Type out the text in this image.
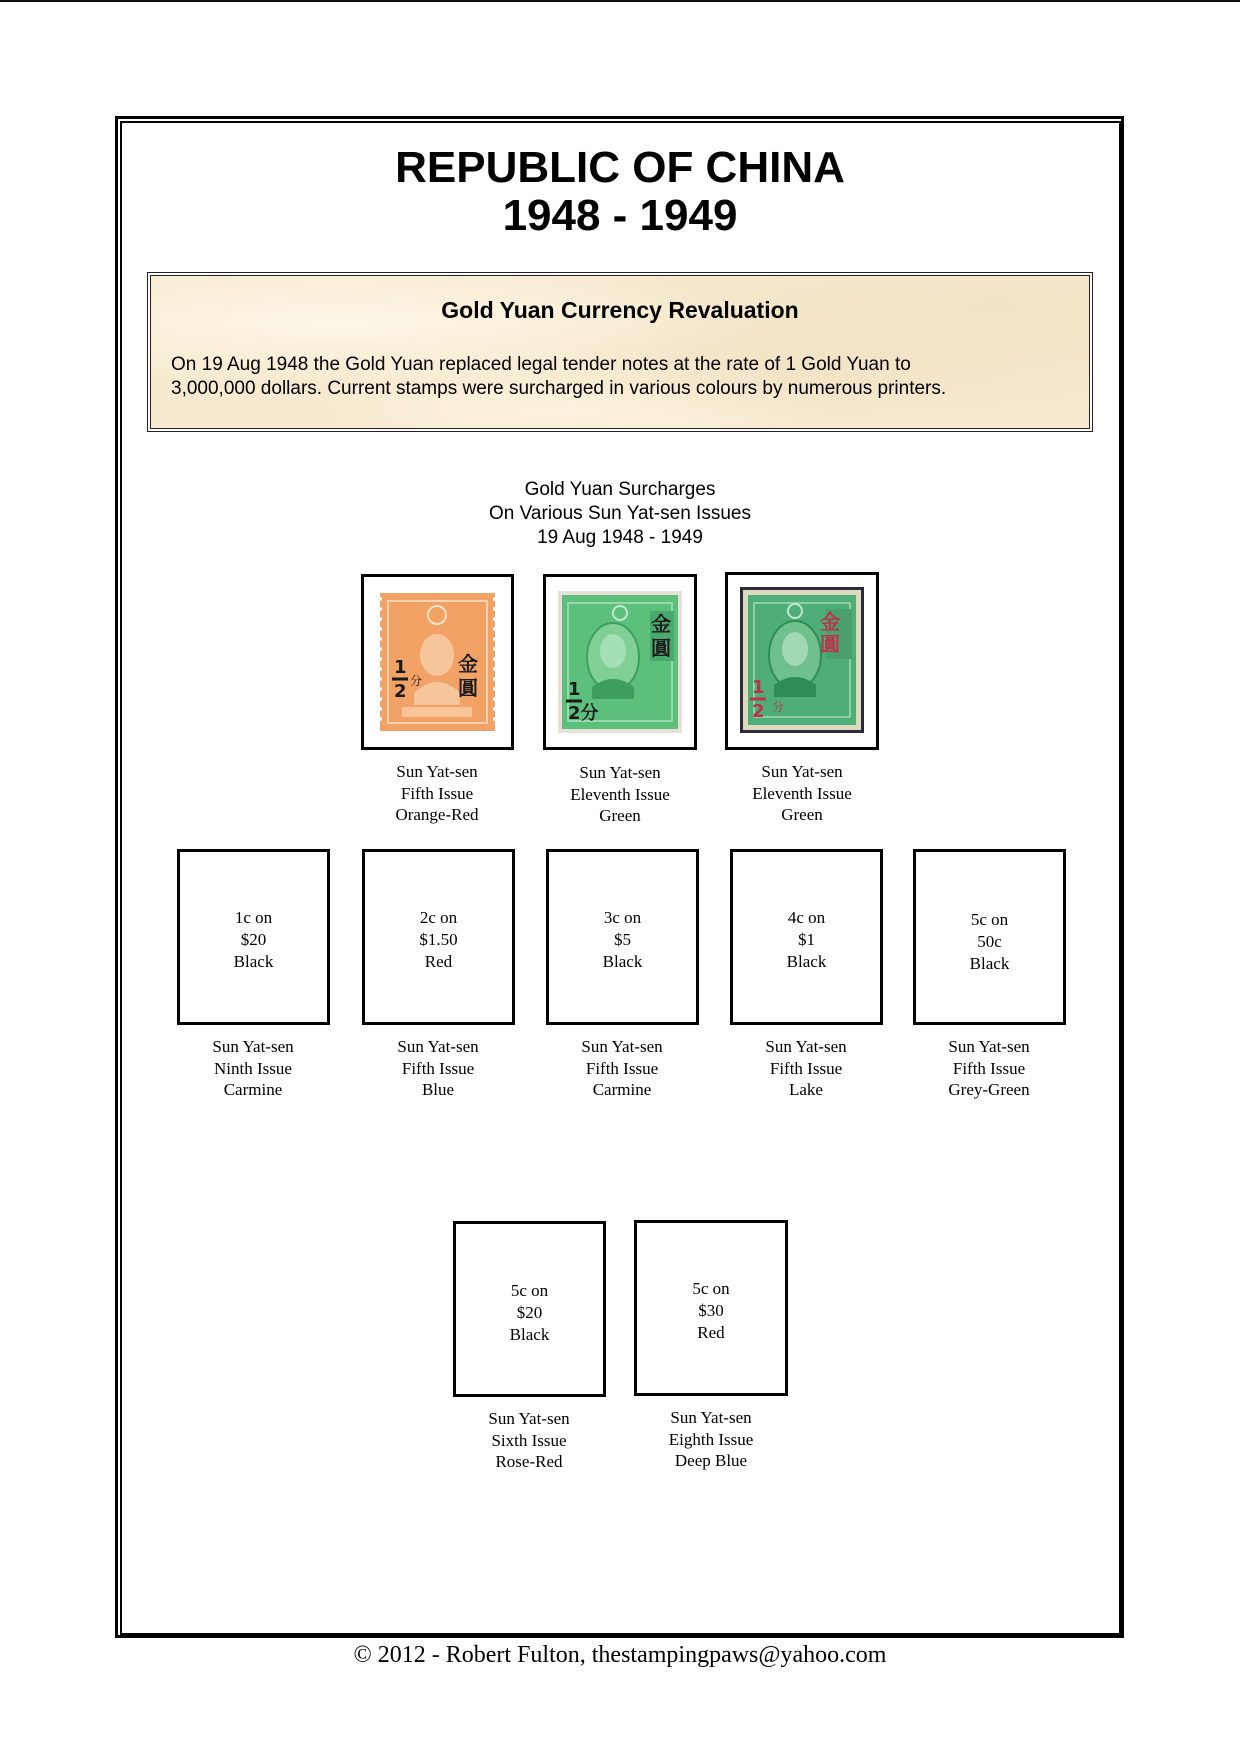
REPUBLIC OF CHINA
1948 - 1949
Gold Yuan Currency Revaluation
On 19 Aug 1948 the Gold Yuan replaced legal tender notes at the rate of 1 Gold Yuan to
3,000,000 dollars. Current stamps were surcharged in various colours by numerous printers.
Gold Yuan Surcharges
On Various Sun Yat-sen Issues
19 Aug 1948 - 1949
1
2 分
金
圓
Sun Yat-sen
Fifth Issue
Orange-Red
金
圓
1
2分
Sun Yat-sen
Eleventh Issue
Green
金
圓
1
2 分
Sun Yat-sen
Eleventh Issue
Green
1c on
$20
Black
Sun Yat-sen
Ninth Issue
Carmine
2c on
$1.50
Red
Sun Yat-sen
Fifth Issue
Blue
3c on
$5
Black
Sun Yat-sen
Fifth Issue
Carmine
4c on
$1
Black
Sun Yat-sen
Fifth Issue
Lake
5c on
50c
Black
Sun Yat-sen
Fifth Issue
Grey-Green
5c on
$20
Black
Sun Yat-sen
Sixth Issue
Rose-Red
5c on
$30
Red
Sun Yat-sen
Eighth Issue
Deep Blue
© 2012 - Robert Fulton, thestampingpaws@yahoo.com
